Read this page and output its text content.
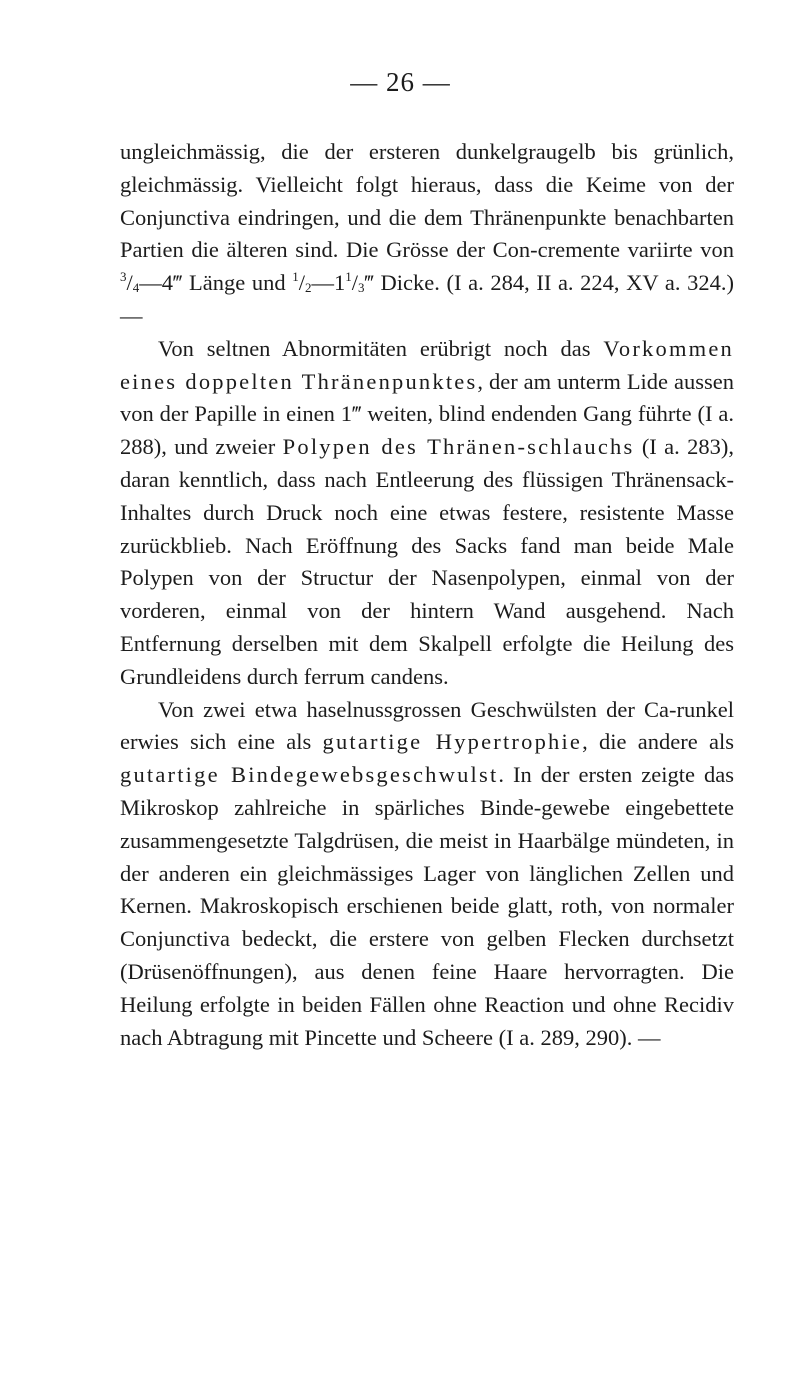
— 26 —

ungleichmässig, die der ersteren dunkelgraugelb bis grünlich, gleichmässig. Vielleicht folgt hieraus, dass die Keime von der Conjunctiva eindringen, und die dem Thränenpunkte benachbarten Partien die älteren sind. Die Grösse der Con-cremente variirte von $^3/_4—4‴$ Länge und $^1/_2—1^1/_3‴$ Dicke. (I a. 284, II a. 224, XV a. 324.) —

Von seltnen Abnormitäten erübrigt noch das Vorkommen eines doppelten Thränenpunktes, der am unterm Lide aussen von der Papille in einen 1‴ weiten, blind endenden Gang führte (I a. 288), und zweier Polypen des Thränen-schlauchs (I a. 283), daran kenntlich, dass nach Entleerung des flüssigen Thränensack-Inhaltes durch Druck noch eine etwas festere, resistente Masse zurückblieb. Nach Eröffnung des Sacks fand man beide Male Polypen von der Structur der Nasenpolypen, einmal von der vorderen, einmal von der hintern Wand ausgehend. Nach Entfernung derselben mit dem Skalpell erfolgte die Heilung des Grundleidens durch ferrum candens.

Von zwei etwa haselnussgrossen Geschwülsten der Ca-runkel erwies sich eine als gutartige Hypertrophie, die andere als gutartige Bindegewebsgeschwulst. In der ersten zeigte das Mikroskop zahlreiche in spärliches Binde-gewebe eingebettete zusammengesetzte Talgdrüsen, die meist in Haarbälge mündeten, in der anderen ein gleichmässiges Lager von länglichen Zellen und Kernen. Makroskopisch erschienen beide glatt, roth, von normaler Conjunctiva bedeckt, die erstere von gelben Flecken durchsetzt (Drüsenöffnungen), aus denen feine Haare hervorragten. Die Heilung erfolgte in beiden Fällen ohne Reaction und ohne Recidiv nach Abtragung mit Pincette und Scheere (I a. 289, 290). —
